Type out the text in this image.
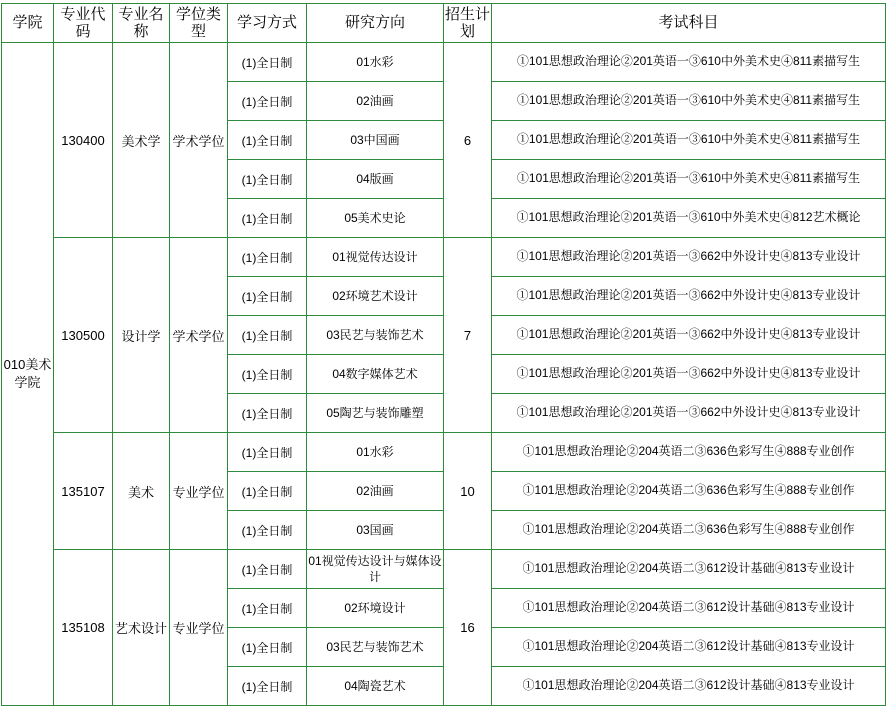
学院	专业代码	专业名称	学位类型	学习方式	研究方向	招生计划	考试科目
010美术学院	130400	美术学	学术学位	(1)全日制	01水彩	6	①101思想政治理论②201英语一③610中外美术史④811素描写生
				(1)全日制	02油画		①101思想政治理论②201英语一③610中外美术史④811素描写生
				(1)全日制	03中国画		①101思想政治理论②201英语一③610中外美术史④811素描写生
				(1)全日制	04版画		①101思想政治理论②201英语一③610中外美术史④811素描写生
				(1)全日制	05美术史论		①101思想政治理论②201英语一③610中外美术史④812艺术概论
	130500	设计学	学术学位	(1)全日制	01视觉传达设计	7	①101思想政治理论②201英语一③662中外设计史④813专业设计
				(1)全日制	02环境艺术设计		①101思想政治理论②201英语一③662中外设计史④813专业设计
				(1)全日制	03民艺与装饰艺术		①101思想政治理论②201英语一③662中外设计史④813专业设计
				(1)全日制	04数字媒体艺术		①101思想政治理论②201英语一③662中外设计史④813专业设计
				(1)全日制	05陶艺与装饰雕塑		①101思想政治理论②201英语一③662中外设计史④813专业设计
	135107	美术	专业学位	(1)全日制	01水彩	10	①101思想政治理论②204英语二③636色彩写生④888专业创作
				(1)全日制	02油画		①101思想政治理论②204英语二③636色彩写生④888专业创作
				(1)全日制	03国画		①101思想政治理论②204英语二③636色彩写生④888专业创作
	135108	艺术设计	专业学位	(1)全日制	01视觉传达设计与媒体设计	16	①101思想政治理论②204英语二③612设计基础④813专业设计
				(1)全日制	02环境设计		①101思想政治理论②204英语二③612设计基础④813专业设计
				(1)全日制	03民艺与装饰艺术		①101思想政治理论②204英语二③612设计基础④813专业设计
				(1)全日制	04陶瓷艺术		①101思想政治理论②204英语二③612设计基础④813专业设计
